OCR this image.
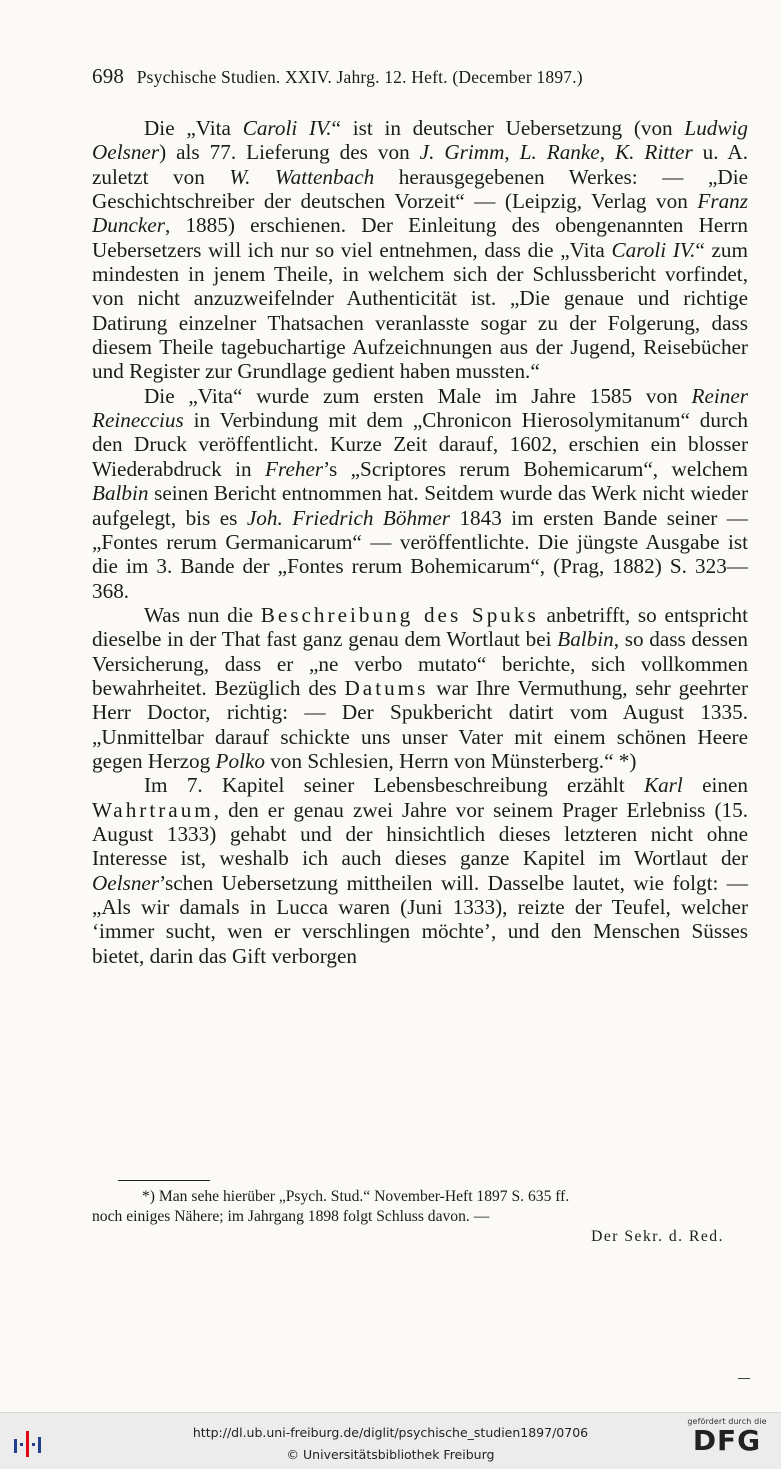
698 Psychische Studien. XXIV. Jahrg. 12. Heft. (December 1897.)

Die „Vita Caroli IV.“ ist in deutscher Uebersetzung (von Ludwig Oelsner) als 77. Lieferung des von J. Grimm, L. Ranke, K. Ritter u. A. zuletzt von W. Wattenbach herausgegebenen Werkes: — „Die Geschichtschreiber der deutschen Vorzeit“ — (Leipzig, Verlag von Franz Duncker, 1885) erschienen. Der Einleitung des obengenannten Herrn Uebersetzers will ich nur so viel entnehmen, dass die „Vita Caroli IV.“ zum mindesten in jenem Theile, in welchem sich der Schlussbericht vorfindet, von nicht anzuzweifelnder Authenticität ist. „Die genaue und richtige Datirung einzelner Thatsachen veranlasste sogar zu der Folgerung, dass diesem Theile tagebuchartige Aufzeichnungen aus der Jugend, Reisebücher und Register zur Grundlage gedient haben mussten.“

Die „Vita“ wurde zum ersten Male im Jahre 1585 von Reiner Reineccius in Verbindung mit dem „Chronicon Hierosolymitanum“ durch den Druck veröffentlicht. Kurze Zeit darauf, 1602, erschien ein blosser Wiederabdruck in Freher’s „Scriptores rerum Bohemicarum“, welchem Balbin seinen Bericht entnommen hat. Seitdem wurde das Werk nicht wieder aufgelegt, bis es Joh. Friedrich Böhmer 1843 im ersten Bande seiner — „Fontes rerum Germanicarum“ — veröffentlichte. Die jüngste Ausgabe ist die im 3. Bande der „Fontes rerum Bohemicarum“, (Prag, 1882) S. 323—368.

Was nun die Beschreibung des Spuks anbetrifft, so entspricht dieselbe in der That fast ganz genau dem Wortlaut bei Balbin, so dass dessen Versicherung, dass er „ne verbo mutato“ berichte, sich vollkommen bewahrheitet. Bezüglich des Datums war Ihre Vermuthung, sehr geehrter Herr Doctor, richtig: — Der Spukbericht datirt vom August 1335. „Unmittelbar darauf schickte uns unser Vater mit einem schönen Heere gegen Herzog Polko von Schlesien, Herrn von Münsterberg.“ *)

Im 7. Kapitel seiner Lebensbeschreibung erzählt Karl einen Wahrtraum, den er genau zwei Jahre vor seinem Prager Erlebniss (15. August 1333) gehabt und der hinsichtlich dieses letzteren nicht ohne Interesse ist, weshalb ich auch dieses ganze Kapitel im Wortlaut der Oelsner’schen Uebersetzung mittheilen will. Dasselbe lautet, wie folgt: — „Als wir damals in Lucca waren (Juni 1333), reizte der Teufel, welcher ‘immer sucht, wen er verschlingen möchte’, und den Menschen Süsses bietet, darin das Gift verborgen

*) Man sehe hierüber „Psych. Stud.“ November-Heft 1897 S. 635 ff.
noch einiges Nähere; im Jahrgang 1898 folgt Schluss davon. —
Der Sekr. d. Red.
http://dl.ub.uni-freiburg.de/diglit/psychische_studien1897/0706
© Universitätsbibliothek Freiburg
gefördert durch die
DFG
